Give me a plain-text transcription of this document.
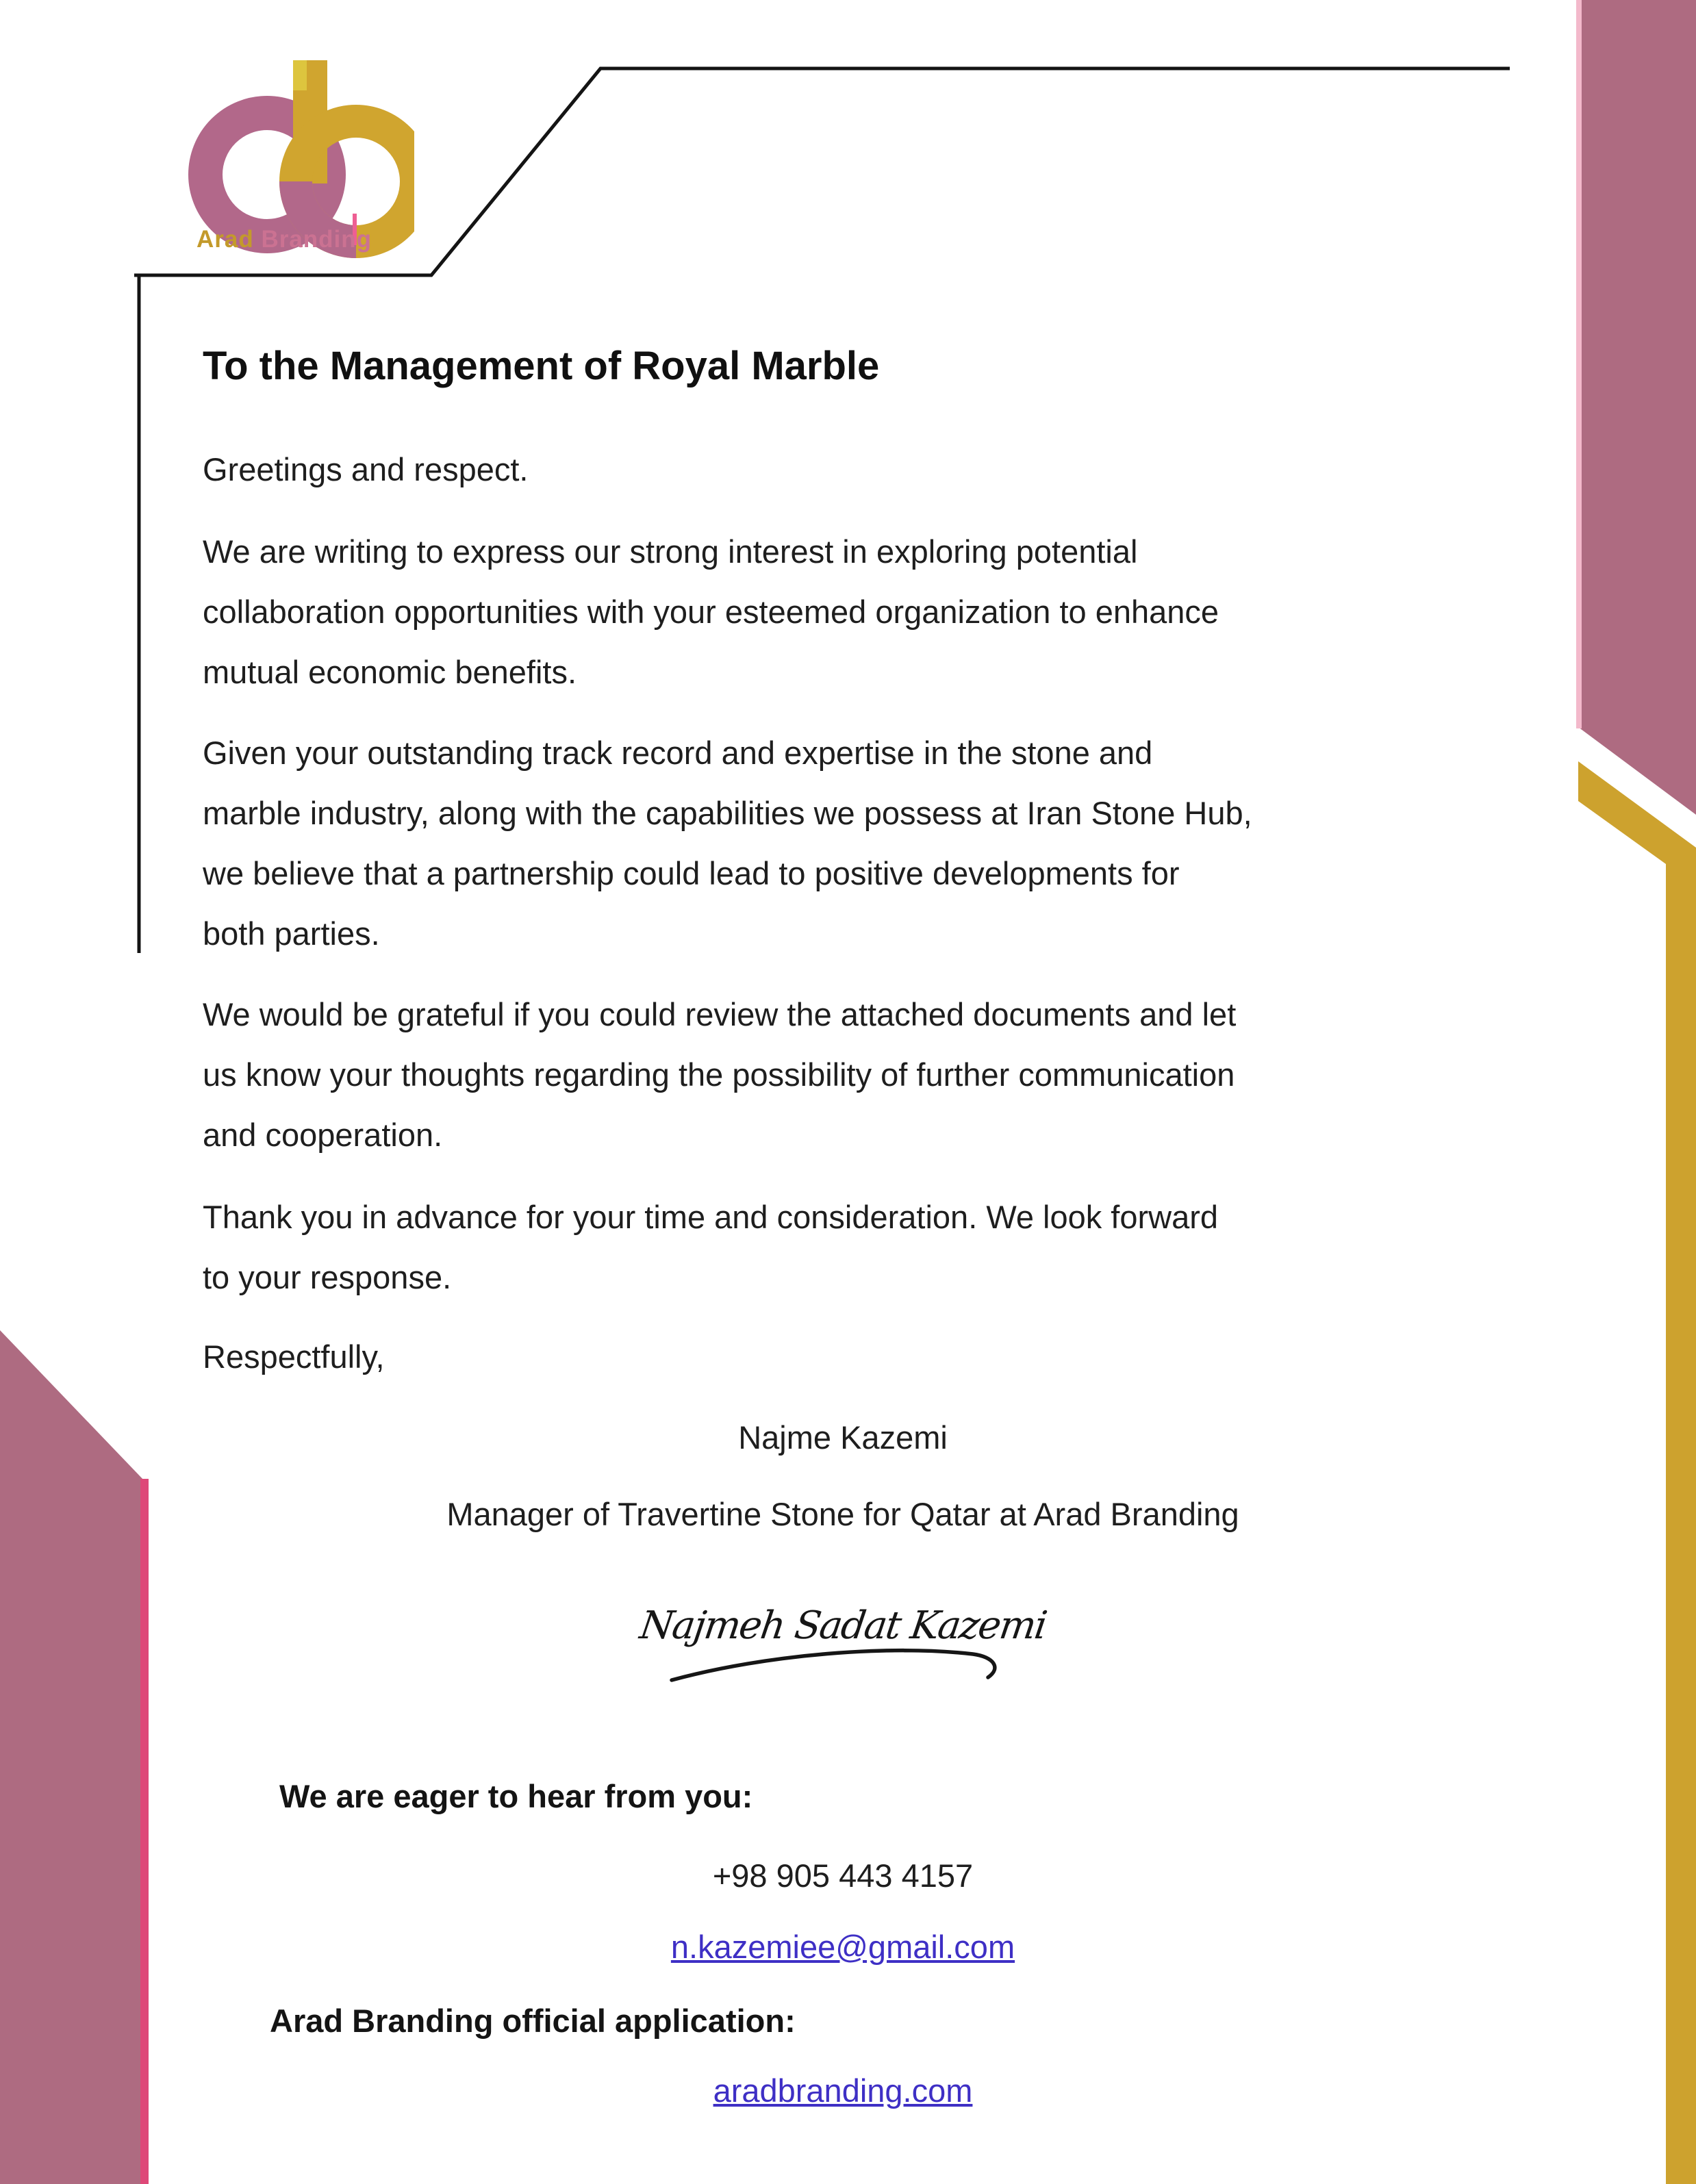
Arad Branding
To the Management of Royal Marble
Greetings and respect.
We are writing to express our strong interest in exploring potential
collaboration opportunities with your esteemed organization to enhance
mutual economic benefits.
Given your outstanding track record and expertise in the stone and
marble industry, along with the capabilities we possess at Iran Stone Hub,
we believe that a partnership could lead to positive developments for
both parties.
We would be grateful if you could review the attached documents and let
us know your thoughts regarding the possibility of further communication
and cooperation.
Thank you in advance for your time and consideration. We look forward
to your response.
Respectfully,
Najme Kazemi
Manager of Travertine Stone for Qatar at Arad Branding
Najmeh Sadat Kazemi
We are eager to hear from you:
+98 905 443 4157
n.kazemiee@gmail.com
Arad Branding official application:
aradbranding.com
